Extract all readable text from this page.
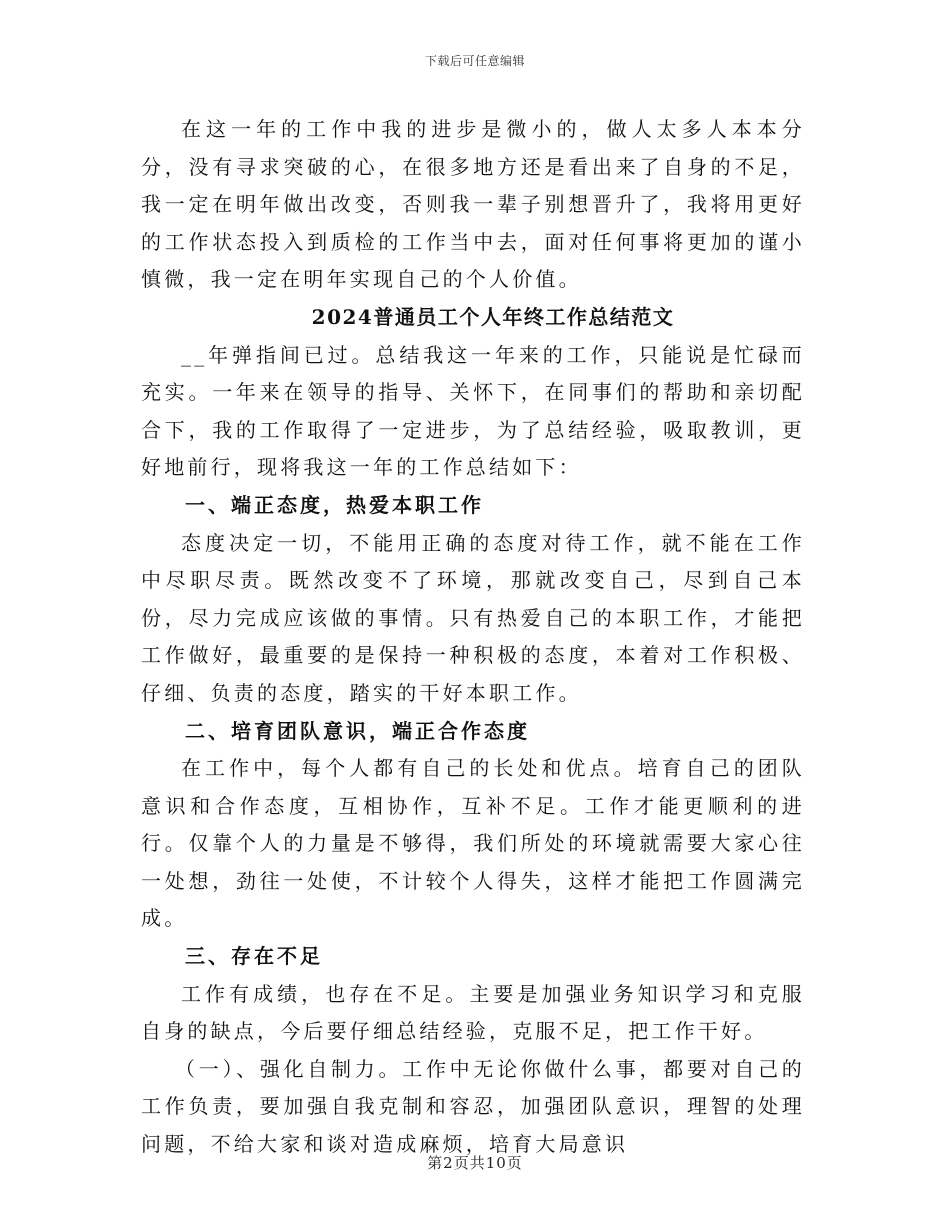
下载后可任意编辑

在这一年的工作中我的进步是微小的，做人太多人本本分分，没有寻求突破的心，在很多地方还是看出来了自身的不足，我一定在明年做出改变，否则我一辈子别想晋升了，我将用更好的工作状态投入到质检的工作当中去，面对任何事将更加的谨小慎微，我一定在明年实现自己的个人价值。

2024普通员工个人年终工作总结范文

__年弹指间已过。总结我这一年来的工作，只能说是忙碌而充实。一年来在领导的指导、关怀下，在同事们的帮助和亲切配合下，我的工作取得了一定进步，为了总结经验，吸取教训，更好地前行，现将我这一年的工作总结如下：

一、端正态度，热爱本职工作

态度决定一切，不能用正确的态度对待工作，就不能在工作中尽职尽责。既然改变不了环境，那就改变自己，尽到自己本份，尽力完成应该做的事情。只有热爱自己的本职工作，才能把工作做好，最重要的是保持一种积极的态度，本着对工作积极、仔细、负责的态度，踏实的干好本职工作。

二、培育团队意识，端正合作态度

在工作中，每个人都有自己的长处和优点。培育自己的团队意识和合作态度，互相协作，互补不足。工作才能更顺利的进行。仅靠个人的力量是不够得，我们所处的环境就需要大家心往一处想，劲往一处使，不计较个人得失，这样才能把工作圆满完成。

三、存在不足

工作有成绩，也存在不足。主要是加强业务知识学习和克服自身的缺点，今后要仔细总结经验，克服不足，把工作干好。

（一）、强化自制力。工作中无论你做什么事，都要对自己的工作负责，要加强自我克制和容忍，加强团队意识，理智的处理问题，不给大家和谈对造成麻烦，培育大局意识

第2页共10页
